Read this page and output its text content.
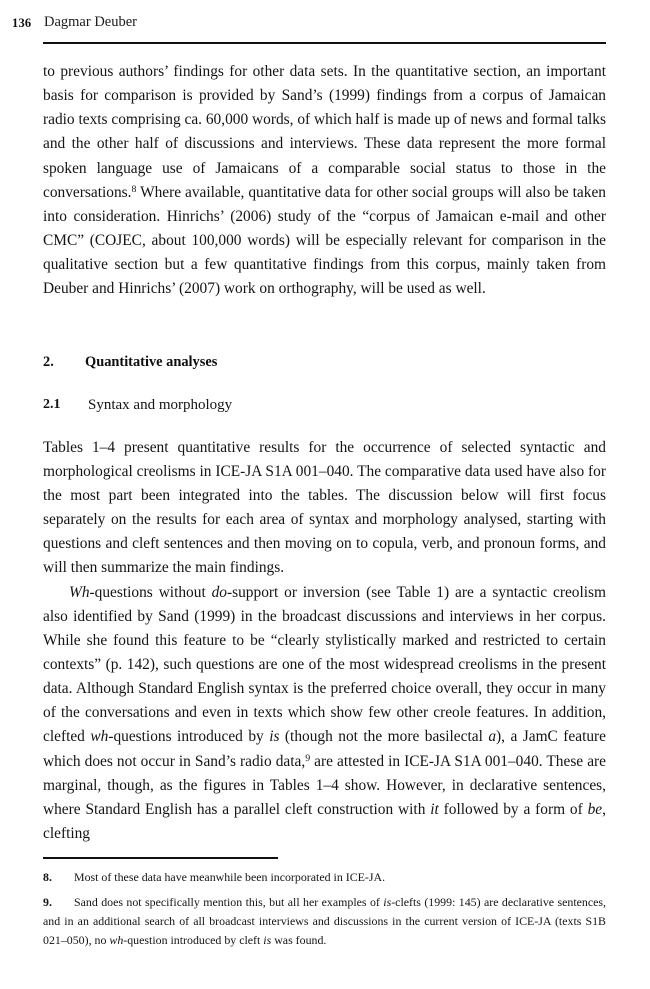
136 Dagmar Deuber

to previous authors’ findings for other data sets. In the quantitative section, an important basis for comparison is provided by Sand’s (1999) findings from a corpus of Jamaican radio texts comprising ca. 60,000 words, of which half is made up of news and formal talks and the other half of discussions and interviews. These data represent the more formal spoken language use of Jamaicans of a comparable social status to those in the conversations.$^8$ Where available, quantitative data for other social groups will also be taken into consideration. Hinrichs’ (2006) study of the “corpus of Jamaican e-mail and other CMC” (COJEC, about 100,000 words) will be especially relevant for comparison in the qualitative section but a few quantitative findings from this corpus, mainly taken from Deuber and Hinrichs’ (2007) work on orthography, will be used as well.

2.	Quantitative analyses
2.1	Syntax and morphology

Tables 1–4 present quantitative results for the occurrence of selected syntactic and morphological creolisms in ICE-JA S1A 001–040. The comparative data used have also for the most part been integrated into the tables. The discussion below will first focus separately on the results for each area of syntax and morphology analysed, starting with questions and cleft sentences and then moving on to copula, verb, and pronoun forms, and will then summarize the main findings.

Wh-questions without do-support or inversion (see Table 1) are a syntactic creolism also identified by Sand (1999) in the broadcast discussions and interviews in her corpus. While she found this feature to be “clearly stylistically marked and restricted to certain contexts” (p. 142), such questions are one of the most widespread creolisms in the present data. Although Standard English syntax is the preferred choice overall, they occur in many of the conversations and even in texts which show few other creole features. In addition, clefted wh-questions introduced by is (though not the more basilectal a), a JamC feature which does not occur in Sand’s radio data,$^9$ are attested in ICE-JA S1A 001–040. These are marginal, though, as the figures in Tables 1–4 show. However, in declarative sentences, where Standard English has a parallel cleft construction with it followed by a form of be, clefting

8. Most of these data have meanwhile been incorporated in ICE-JA.

9. Sand does not specifically mention this, but all her examples of is-clefts (1999: 145) are declarative sentences, and in an additional search of all broadcast interviews and discussions in the current version of ICE-JA (texts S1B 021–050), no wh-question introduced by cleft is was found.
